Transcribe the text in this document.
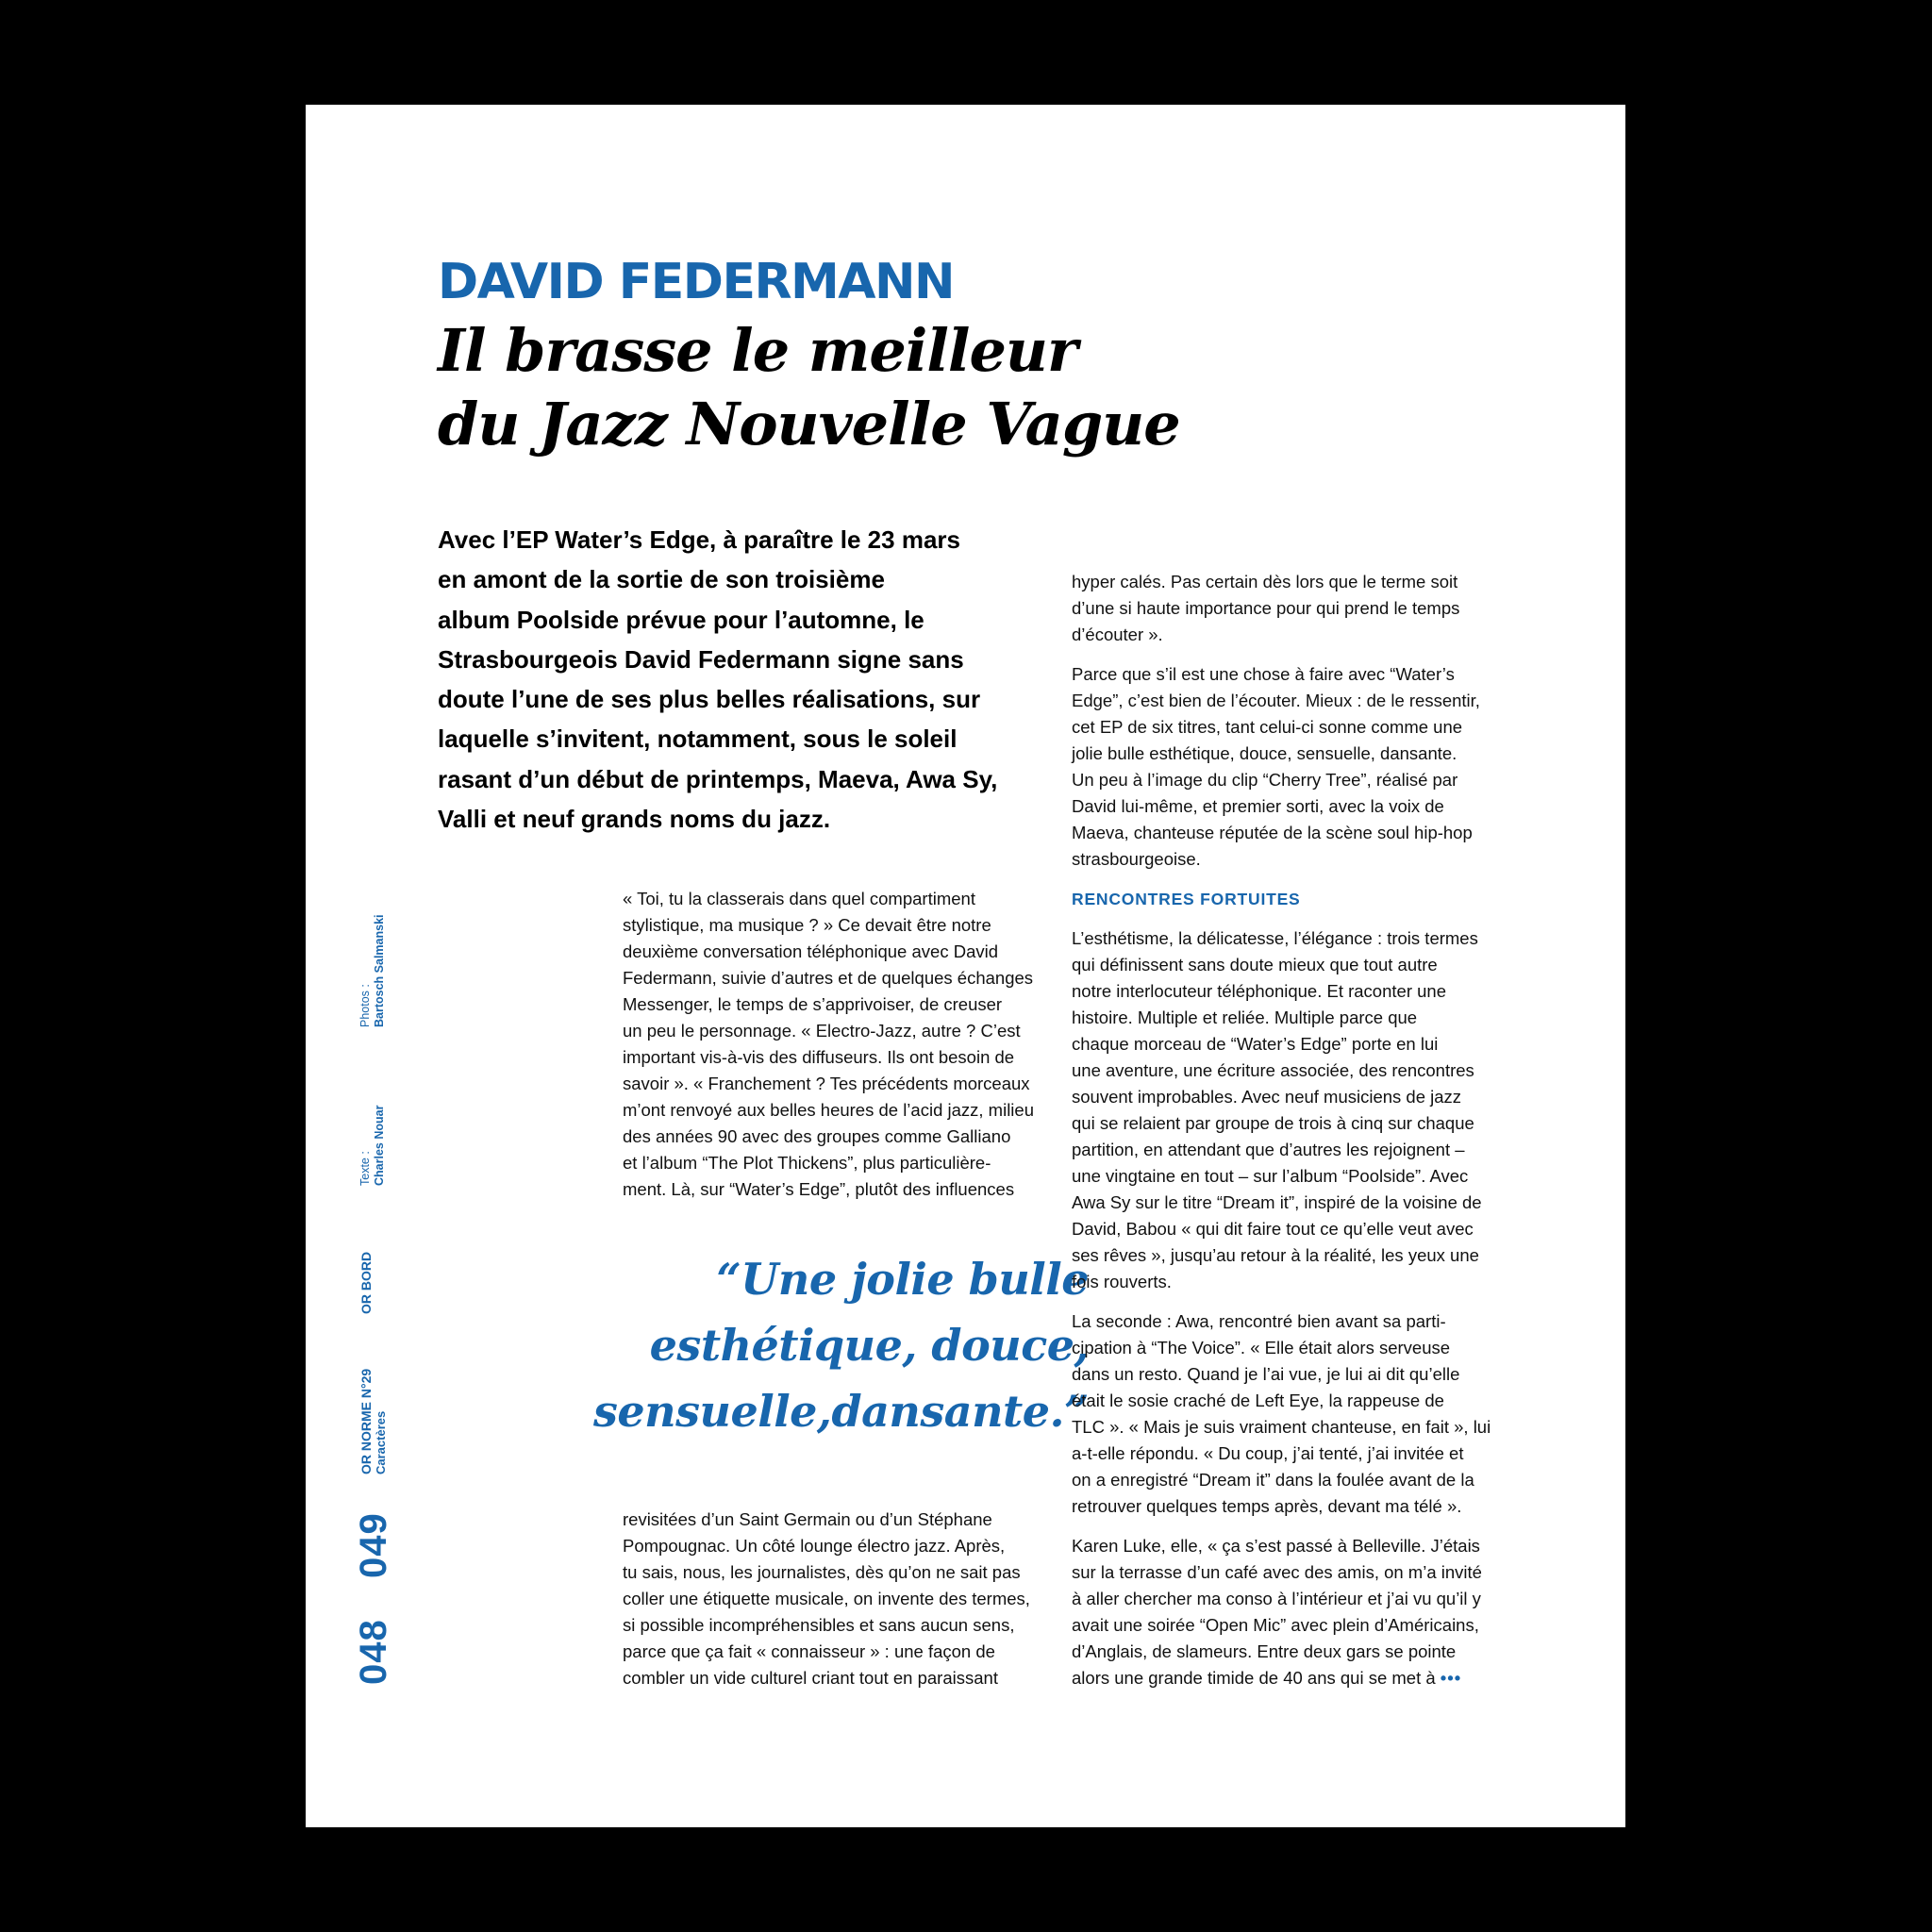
DAVID FEDERMANN
Il brasse le meilleur
du Jazz Nouvelle Vague
Avec l’EP Water’s Edge, à paraître le 23 mars
en amont de la sortie de son troisième
album Poolside prévue pour l’automne, le
Strasbourgeois David Federmann signe sans
doute l’une de ses plus belles réalisations, sur
laquelle s’invitent, notamment, sous le soleil
rasant d’un début de printemps, Maeva, Awa Sy,
Valli et neuf grands noms du jazz.

« Toi, tu la classerais dans quel compartiment
stylistique, ma musique ? » Ce devait être notre
deuxième conversation téléphonique avec David
Federmann, suivie d’autres et de quelques échanges
Messenger, le temps de s’apprivoiser, de creuser
un peu le personnage. « Electro-Jazz, autre ? C’est
important vis-à-vis des diffuseurs. Ils ont besoin de
savoir ». « Franchement ? Tes précédents morceaux
m’ont renvoyé aux belles heures de l’acid jazz, milieu
des années 90 avec des groupes comme Galliano
et l’album “The Plot Thickens”, plus particulière-
ment. Là, sur “Water’s Edge”, plutôt des influences

“Une jolie bulle
esthétique, douce,
sensuelle,dansante.”

revisitées d’un Saint Germain ou d’un Stéphane
Pompougnac. Un côté lounge électro jazz. Après,
tu sais, nous, les journalistes, dès qu’on ne sait pas
coller une étiquette musicale, on invente des termes,
si possible incompréhensibles et sans aucun sens,
parce que ça fait « connaisseur » : une façon de
combler un vide culturel criant tout en paraissant

hyper calés. Pas certain dès lors que le terme soit
d’une si haute importance pour qui prend le temps
d’écouter ».

Parce que s’il est une chose à faire avec “Water’s
Edge”, c’est bien de l’écouter. Mieux : de le ressentir,
cet EP de six titres, tant celui-ci sonne comme une
jolie bulle esthétique, douce, sensuelle, dansante.
Un peu à l’image du clip “Cherry Tree”, réalisé par
David lui-même, et premier sorti, avec la voix de
Maeva, chanteuse réputée de la scène soul hip-hop
strasbourgeoise.

RENCONTRES FORTUITES

L’esthétisme, la délicatesse, l’élégance : trois termes
qui définissent sans doute mieux que tout autre
notre interlocuteur téléphonique. Et raconter une
histoire. Multiple et reliée. Multiple parce que
chaque morceau de “Water’s Edge” porte en lui
une aventure, une écriture associée, des rencontres
souvent improbables. Avec neuf musiciens de jazz
qui se relaient par groupe de trois à cinq sur chaque
partition, en attendant que d’autres les rejoignent –
une vingtaine en tout – sur l’album “Poolside”. Avec
Awa Sy sur le titre “Dream it”, inspiré de la voisine de
David, Babou « qui dit faire tout ce qu’elle veut avec
ses rêves », jusqu’au retour à la réalité, les yeux une
fois rouverts.

La seconde : Awa, rencontré bien avant sa parti-
cipation à “The Voice”. « Elle était alors serveuse
dans un resto. Quand je l’ai vue, je lui ai dit qu’elle
était le sosie craché de Left Eye, la rappeuse de
TLC ». « Mais je suis vraiment chanteuse, en fait », lui
a-t-elle répondu. « Du coup, j’ai tenté, j’ai invitée et
on a enregistré “Dream it” dans la foulée avant de la
retrouver quelques temps après, devant ma télé ».

Karen Luke, elle, « ça s’est passé à Belleville. J’étais
sur la terrasse d’un café avec des amis, on m’a invité
à aller chercher ma conso à l’intérieur et j’ai vu qu’il y
avait une soirée “Open Mic” avec plein d’Américains,
d’Anglais, de slameurs. Entre deux gars se pointe
alors une grande timide de 40 ans qui se met à •••

Photos : Bartosch Salmanski
Texte : Charles Nouar
OR BORD
OR NORME N°29 Caractères
049
048
